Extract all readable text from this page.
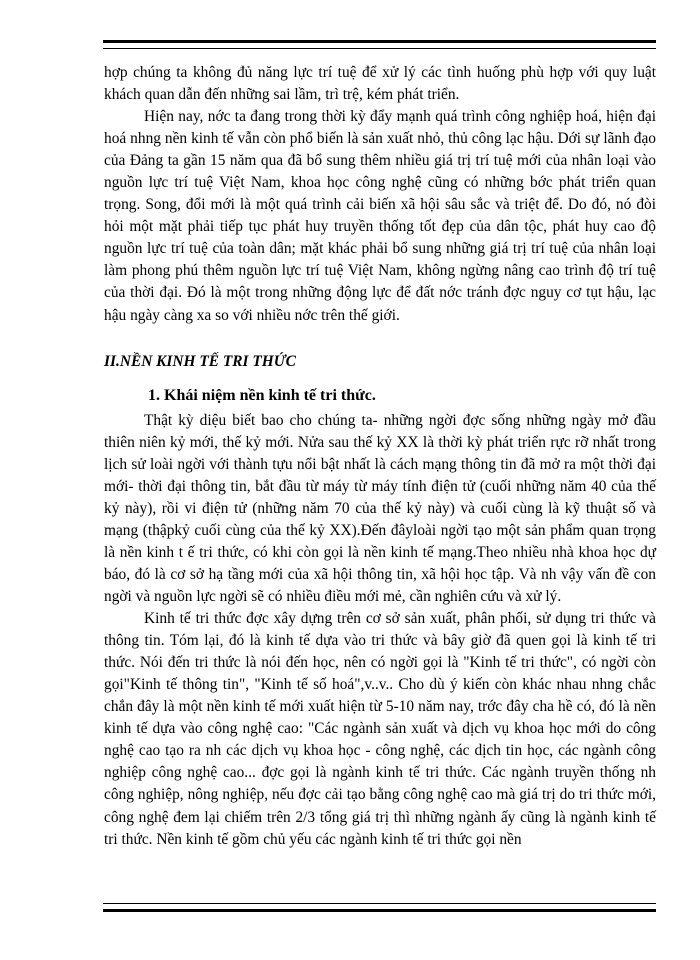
hợp chúng ta không đủ năng lực trí tuệ để xử lý các tình huống phù hợp với quy luật khách quan dẫn đến những sai lầm, trì trệ, kém phát triển.

Hiện nay, nớc ta đang trong thời kỳ đẩy mạnh quá trình công nghiệp hoá, hiện đại hoá nhng nền kinh tế vẫn còn phổ biến là sản xuất nhỏ, thủ công lạc hậu. Dới sự lãnh đạo của Đảng ta gần 15 năm qua đã bổ sung thêm nhiều giá trị trí tuệ mới của nhân loại vào nguồn lực trí tuệ Việt Nam, khoa học công nghệ cũng có những bớc phát triển quan trọng. Song, đổi mới là một quá trình cải biến xã hội sâu sắc và triệt để. Do đó, nó đòi hỏi một mặt phải tiếp tục phát huy truyền thống tốt đẹp của dân tộc, phát huy cao độ nguồn lực trí tuệ của toàn dân; mặt khác phải bổ sung những giá trị trí tuệ của nhân loại làm phong phú thêm nguồn lực trí tuệ Việt Nam, không ngừng nâng cao trình độ trí tuệ của thời đại. Đó là một trong những động lực để đất nớc tránh đợc nguy cơ tụt hậu, lạc hậu ngày càng xa so với nhiều nớc trên thế giới.

II.NỀN KINH TẾ TRI THỨC

1. Khái niệm nền kinh tế tri thức.

Thật kỳ diệu biết bao cho chúng ta- những ngời đợc sống những ngày mở đầu thiên niên kỷ mới, thế kỷ mới. Nửa sau thế kỷ XX là thời kỳ phát triển rực rỡ nhất trong lịch sử loài ngời với thành tựu nổi bật nhất là cách mạng thông tin đã mở ra một thời đại mới- thời đại thông tin, bắt đầu từ máy từ máy tính điện tử (cuối những năm 40 của thế kỷ này), rồi vi điện tử (những năm 70 của thế kỷ này) và cuối cùng là kỹ thuật số và mạng (thậpkỷ cuối cùng của thế kỷ XX).Đến đâyloài ngời tạo một sản phẩm quan trọng là nền kinh t ế tri thức, có khi còn gọi là nền kinh tế mạng.Theo nhiều nhà khoa học dự báo, đó là cơ sở hạ tầng mới của xã hội thông tin, xã hội học tập. Và nh vậy vấn đề con ngời và nguồn lực ngời sẽ có nhiều điều mới mẻ, cần nghiên cứu và xử lý.

Kinh tế tri thức đợc xây dựng trên cơ sở sản xuất, phân phối, sử dụng tri thức và thông tin. Tóm lại, đó là kinh tế dựa vào tri thức và bây giờ đã quen gọi là kinh tế tri thức. Nói đến tri thức là nói đến học, nên có ngời gọi là "Kinh tế tri thức", có ngời còn gọi"Kinh tế thông tin", "Kinh tế số hoá",v..v.. Cho dù ý kiến còn khác nhau nhng chắc chắn đây là một nền kinh tế mới xuất hiện từ 5-10 năm nay, trớc đây cha hề có, đó là nền kinh tế dựa vào công nghệ cao: "Các ngành sản xuất và dịch vụ khoa học mới do công nghệ cao tạo ra nh các dịch vụ khoa học - công nghệ, các dịch tin học, các ngành công nghiệp công nghệ cao... đợc gọi là ngành kinh tế tri thức. Các ngành truyền thống nh công nghiệp, nông nghiệp, nếu đợc cải tạo bằng công nghệ cao mà giá trị do tri thức mới, công nghệ đem lại chiếm trên 2/3 tổng giá trị thì những ngành ấy cũng là ngành kinh tế tri thức. Nền kinh tế gồm chủ yếu các ngành kinh tế tri thức gọi nền
